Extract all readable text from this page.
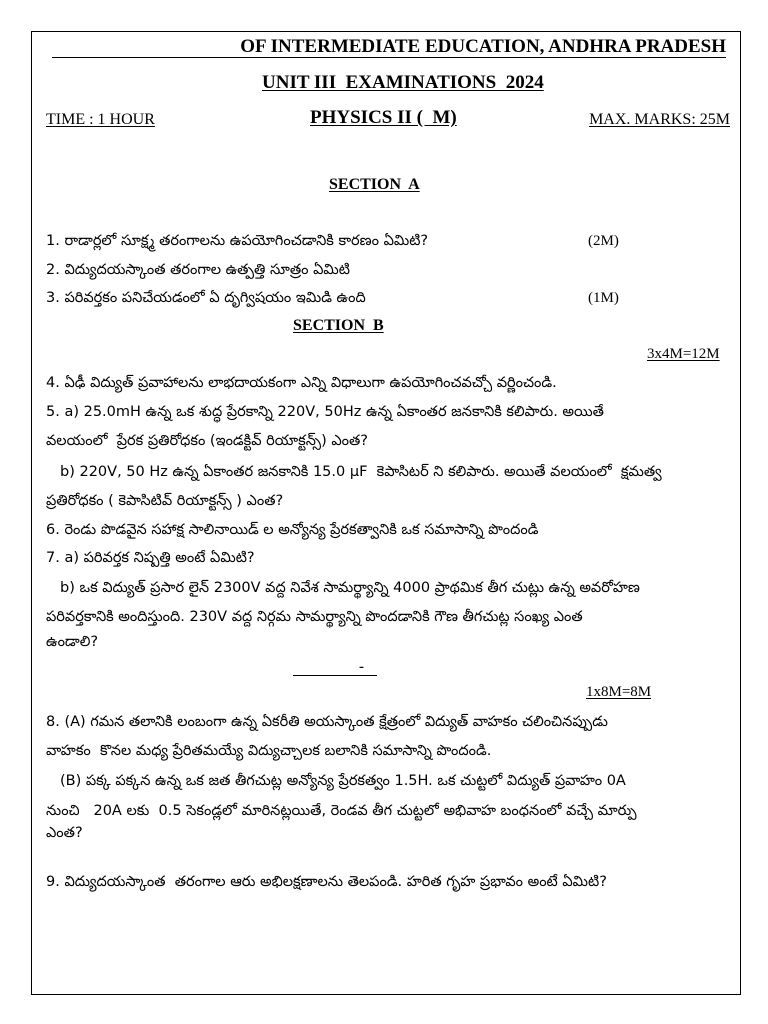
OF INTERMEDIATE EDUCATION, ANDHRA PRADESH
UNIT III  EXAMINATIONS  2024
TIME : 1 HOUR	PHYSICS II (  M)	MAX. MARKS: 25M
SECTION  A

1. రాడార్లలో సూక్ష్మ తరంగాలను ఉపయోగించడానికి కారణం ఏమిటి?	(2M)
2. విద్యుదయస్కాంత తరంగాల ఉత్పత్తి సూత్రం ఏమిటి
3. పరివర్తకం పనిచేయడంలో ఏ దృగ్విషయం ఇమిడి ఉంది	(1M)
SECTION  B

3x4M=12M
4. ఏఢీ విద్యుత్ ప్రవాహాలను లాభదాయకంగా ఎన్ని విధాలుగా ఉపయోగించవచ్చో వర్ణించండి.
5. a) 25.0mH ఉన్న ఒక శుద్ధ ప్రేరకాన్ని 220V, 50Hz ఉన్న ఏకాంతర జనకానికి కలిపారు. అయితే
వలయంలో  ప్రేరక ప్రతిరోధకం (ఇండక్టివ్ రియాక్టన్స్) ఎంత?
b) 220V, 50 Hz ఉన్న ఏకాంతర జనకానికి 15.0 μF  కెపాసిటర్ ని కలిపారు. అయితే వలయంలో  క్షమత్వ
ప్రతిరోధకం ( కెపాసిటివ్ రియాక్టన్స్ ) ఎంత?
6. రెండు పొడవైన సహాక్ష సాలినాయిడ్ ల అన్యోన్య ప్రేరకత్వానికి ఒక సమాసాన్ని పొందండి
7. a) పరివర్తక నిష్పత్తి అంటే ఏమిటి?
b) ఒక విద్యుత్ ప్రసార లైన్ 2300V వద్ద నివేశ సామర్థ్యాన్ని 4000 ప్రాథమిక తీగ చుట్లు ఉన్న అవరోహణ
పరివర్తకానికి అందిస్తుంది. 230V వద్ద నిర్గమ సామర్థ్యాన్ని పొందడానికి గౌణ తీగచుట్ల సంఖ్య ఎంత
ఉండాలి?
-

1x8M=8M
8. (A) గమన తలానికి లంబంగా ఉన్న ఏకరీతి అయస్కాంత క్షేత్రంలో విద్యుత్ వాహకం చలించినప్పుడు
వాహకం  కొనల మధ్య ప్రేరితమయ్యే విద్యుచ్చాలక బలానికి సమాసాన్ని పొందండి.
(B) పక్క పక్కన ఉన్న ఒక జత తీగచుట్ల అన్యోన్య ప్రేరకత్వం 1.5H. ఒక చుట్టలో విద్యుత్ ప్రవాహం 0A
నుంచి   20A లకు  0.5 సెకండ్లలో మారినట్లయితే, రెండవ తీగ చుట్టలో అభివాహ బంధనంలో వచ్చే మార్పు
ఎంత?
9. విద్యుదయస్కాంత  తరంగాల ఆరు అభిలక్షణాలను తెలపండి. హరిత గృహ ప్రభావం అంటే ఏమిటి?
